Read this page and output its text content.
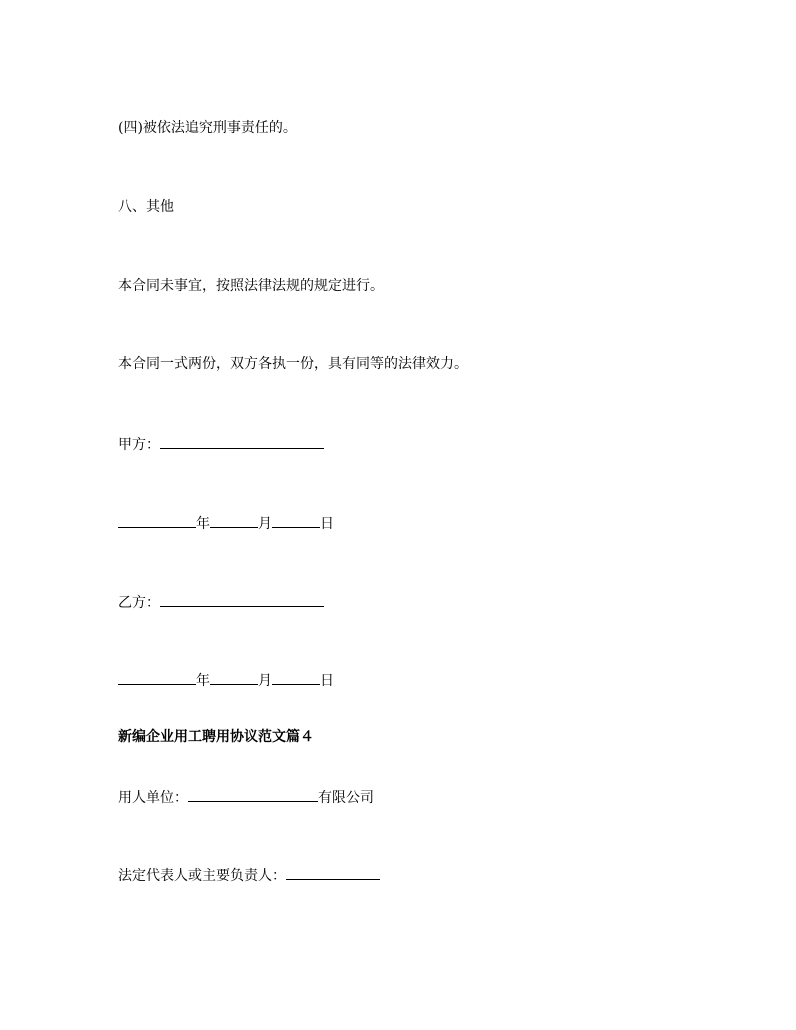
(四)被依法追究刑事责任的。
八、其他
本合同未事宜，按照法律法规的规定进行。
本合同一式两份，双方各执一份，具有同等的法律效力。
甲方：
年	月	日
乙方：
年	月	日
新编企业用工聘用协议范文篇４
用人单位：	有限公司
法定代表人或主要负责人：
